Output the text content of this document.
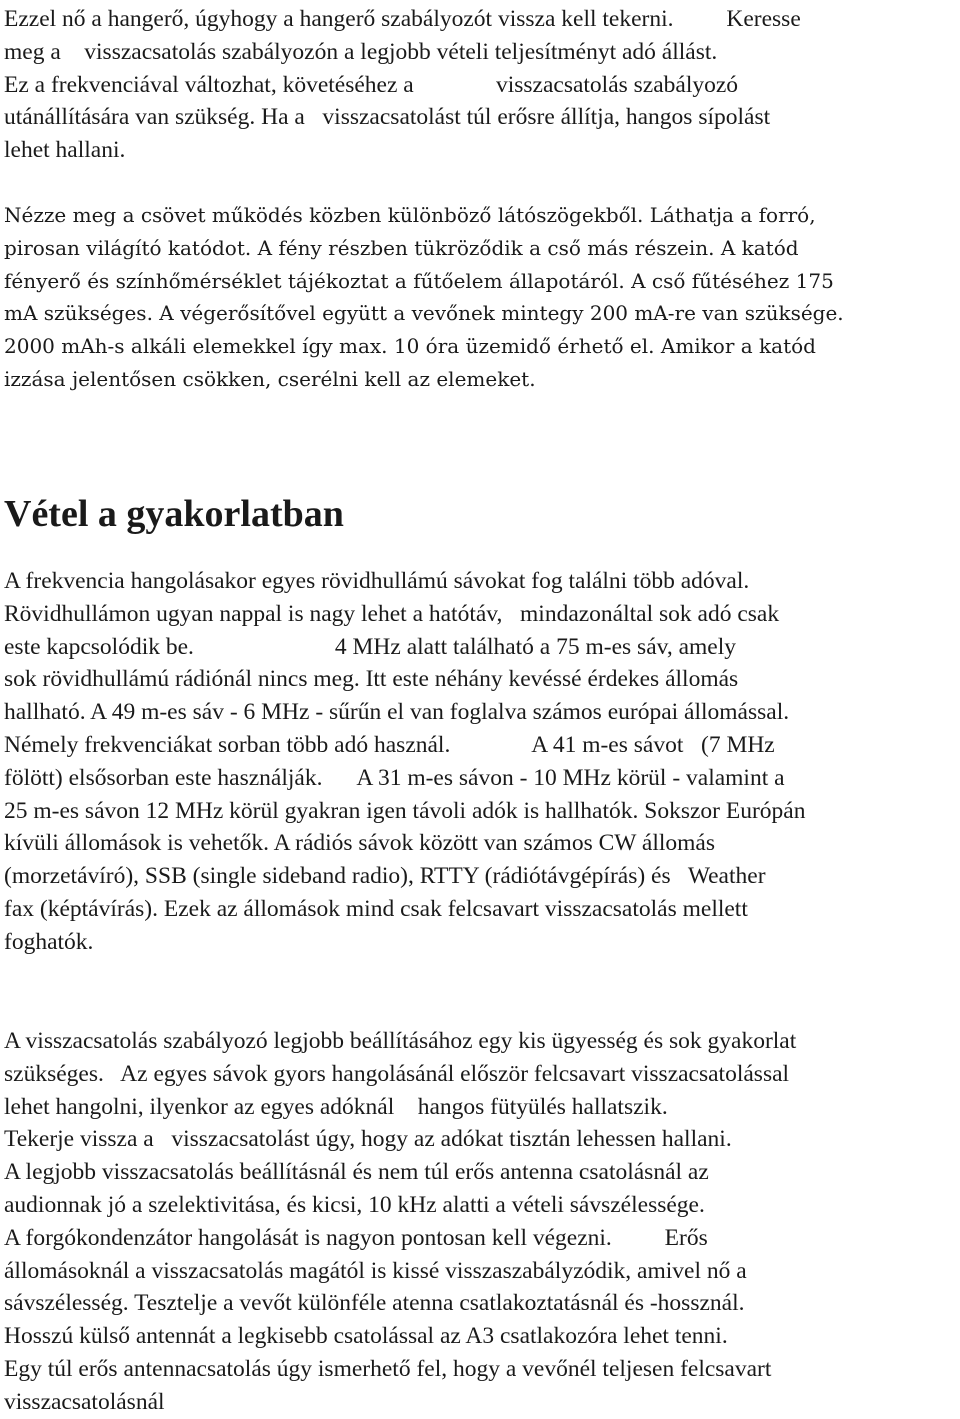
Ezzel nő a hangerő, úgyhogy a hangerő szabályozót vissza kell tekerni.         Keresse
meg a    visszacsatolás szabályozón a legjobb vételi teljesítményt adó állást.
Ez a frekvenciával változhat, követéséhez a              visszacsatolás szabályozó
utánállítására van szükség. Ha a   visszacsatolást túl erősre állítja, hangos sípolást
lehet hallani.

Nézze meg a csövet működés közben különböző látószögekből. Láthatja a forró,
pirosan világító katódot. A fény részben tükröződik a cső más részein. A katód
fényerő és színhőmérséklet tájékoztat a fűtőelem állapotáról. A cső fűtéséhez 175
mA szükséges. A végerősítővel együtt a vevőnek mintegy 200 mA-re van szüksége.
2000 mAh-s alkáli elemekkel így max. 10 óra üzemidő érhető el. Amikor a katód
izzása jelentősen csökken, cserélni kell az elemeket.

Vétel a gyakorlatban

A frekvencia hangolásakor egyes rövidhullámú sávokat fog találni több adóval.
Rövidhullámon ugyan nappal is nagy lehet a hatótáv,   mindazonáltal sok adó csak
este kapcsolódik be.                        4 MHz alatt található a 75 m-es sáv, amely
sok rövidhullámú rádiónál nincs meg. Itt este néhány kevéssé érdekes állomás
hallható. A 49 m-es sáv - 6 MHz - sűrűn el van foglalva számos európai állomással.
Némely frekvenciákat sorban több adó használ.              A 41 m-es sávot   (7 MHz
fölött) elsősorban este használják.      A 31 m-es sávon - 10 MHz körül - valamint a
25 m-es sávon 12 MHz körül gyakran igen távoli adók is hallhatók. Sokszor Európán
kívüli állomások is vehetők. A rádiós sávok között van számos CW állomás
(morzetávíró), SSB (single sideband radio), RTTY (rádiótávgépírás) és   Weather
fax (képtávírás). Ezek az állomások mind csak felcsavart visszacsatolás mellett
foghatók.

A visszacsatolás szabályozó legjobb beállításához egy kis ügyesség és sok gyakorlat
szükséges.   Az egyes sávok gyors hangolásánál először felcsavart visszacsatolással
lehet hangolni, ilyenkor az egyes adóknál    hangos fütyülés hallatszik.
Tekerje vissza a   visszacsatolást úgy, hogy az adókat tisztán lehessen hallani.
A legjobb visszacsatolás beállításnál és nem túl erős antenna csatolásnál az
audionnak jó a szelektivitása, és kicsi, 10 kHz alatti a vételi sávszélessége.
A forgókondenzátor hangolását is nagyon pontosan kell végezni.         Erős
állomásoknál a visszacsatolás magától is kissé visszaszabályzódik, amivel nő a
sávszélesség. Tesztelje a vevőt különféle atenna csatlakoztatásnál és -hossznál.
Hosszú külső antennát a legkisebb csatolással az A3 csatlakozóra lehet tenni.
Egy túl erős antennacsatolás úgy ismerhető fel, hogy a vevőnél teljesen felcsavart
visszacsatolásnál
